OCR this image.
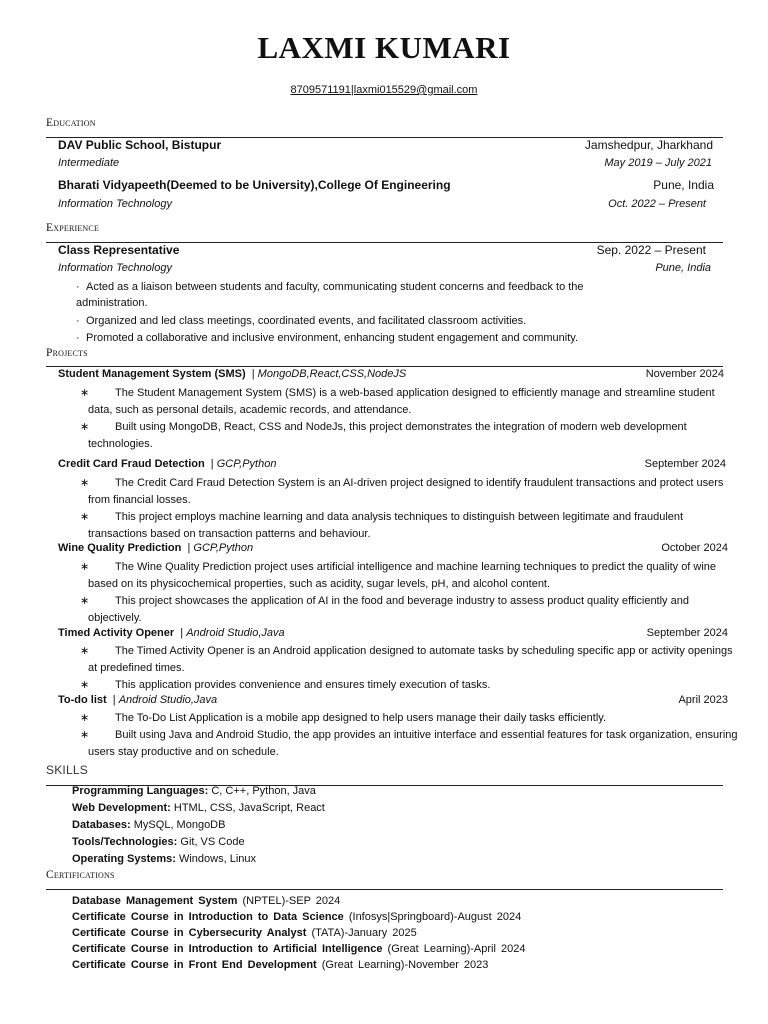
LAXMI KUMARI
8709571191|laxmi015529@gmail.com
Education
DAV Public School, Bistupur	Jamshedpur, Jharkhand
Intermediate	May 2019 – July 2021
Bharati Vidyapeeth(Deemed to be University),College Of Engineering	Pune, India
Information Technology	Oct. 2022 – Present
Experience
Class Representative	Sep. 2022 – Present
Information Technology	Pune, India
· Acted as a liaison between students and faculty, communicating student concerns and feedback to the administration.
· Organized and led class meetings, coordinated events, and facilitated classroom activities.
· Promoted a collaborative and inclusive environment, enhancing student engagement and community.
Projects
Student Management System (SMS)  | MongoDB,React,CSS,NodeJS	November 2024
∗	The Student Management System (SMS) is a web-based application designed to efficiently manage and streamline student data, such as personal details, academic records, and attendance.
∗	Built using MongoDB, React, CSS and NodeJs, this project demonstrates the integration of modern web development technologies.
Credit Card Fraud Detection  | GCP,Python	September 2024
∗	The Credit Card Fraud Detection System is an AI-driven project designed to identify fraudulent transactions and protect users from financial losses.
∗	This project employs machine learning and data analysis techniques to distinguish between legitimate and fraudulent transactions based on transaction patterns and behaviour.
Wine Quality Prediction  | GCP,Python	October 2024
∗	The Wine Quality Prediction project uses artificial intelligence and machine learning techniques to predict the quality of wine based on its physicochemical properties, such as acidity, sugar levels, pH, and alcohol content.
∗	This project showcases the application of AI in the food and beverage industry to assess product quality efficiently and objectively.
Timed Activity Opener  | Android Studio,Java	September 2024
∗	The Timed Activity Opener is an Android application designed to automate tasks by scheduling specific app or activity openings at predefined times.
∗	This application provides convenience and ensures timely execution of tasks.
To-do list  | Android Studio,Java	April 2023
∗	The To-Do List Application is a mobile app designed to help users manage their daily tasks efficiently.
∗	Built using Java and Android Studio, the app provides an intuitive interface and essential features for task organization, ensuring users stay productive and on schedule.
SKILLS
Programming Languages: C, C++, Python, Java
Web Development: HTML, CSS, JavaScript, React
Databases: MySQL, MongoDB
Tools/Technologies: Git, VS Code
Operating Systems: Windows, Linux
Certifications
Database Management System (NPTEL)-SEP 2024
Certificate Course in Introduction to Data Science (Infosys|Springboard)-August 2024
Certificate Course in Cybersecurity Analyst (TATA)-January 2025
Certificate Course in Introduction to Artificial Intelligence (Great Learning)-April 2024
Certificate Course in Front End Development (Great Learning)-November 2023
